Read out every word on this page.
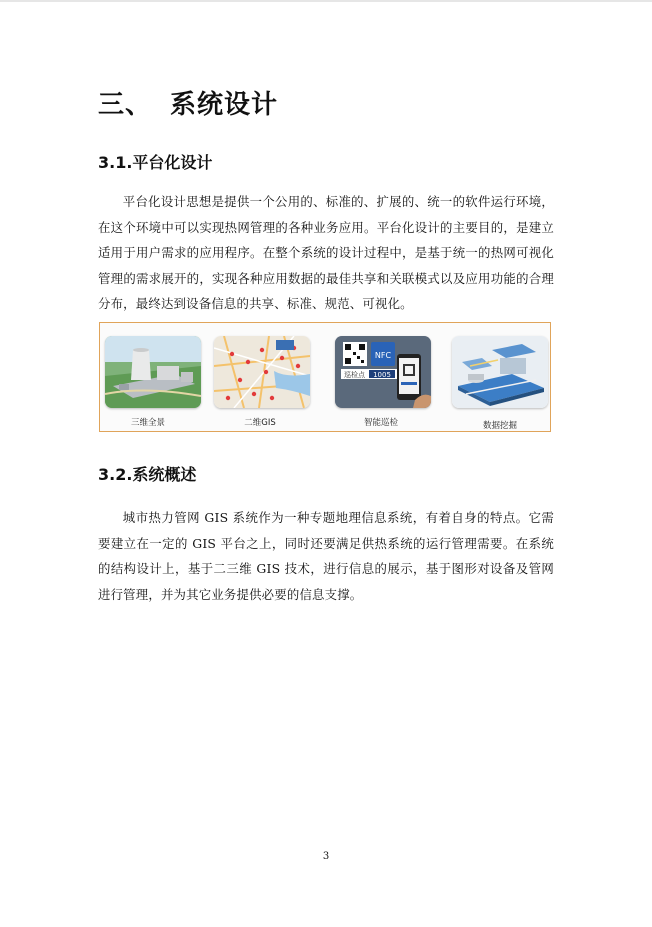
三、 系统设计
3.1.平台化设计

平台化设计思想是提供一个公用的、标准的、扩展的、统一的软件运行环境，在这个环境中可以实现热网管理的各种业务应用。平台化设计的主要目的，是建立适用于用户需求的应用程序。在整个系统的设计过程中，是基于统一的热网可视化管理的需求展开的，实现各种应用数据的最佳共享和关联模式以及应用功能的合理分布，最终达到设备信息的共享、标准、规范、可视化。

三维全景	二维GIS
NFC
巡检点 1005
智能巡检	数据挖掘
3.2.系统概述

城市热力管网 GIS 系统作为一种专题地理信息系统，有着自身的特点。它需要建立在一定的 GIS 平台之上，同时还要满足供热系统的运行管理需要。在系统的结构设计上，基于二三维 GIS 技术，进行信息的展示，基于图形对设备及管网进行管理，并为其它业务提供必要的信息支撑。

3
